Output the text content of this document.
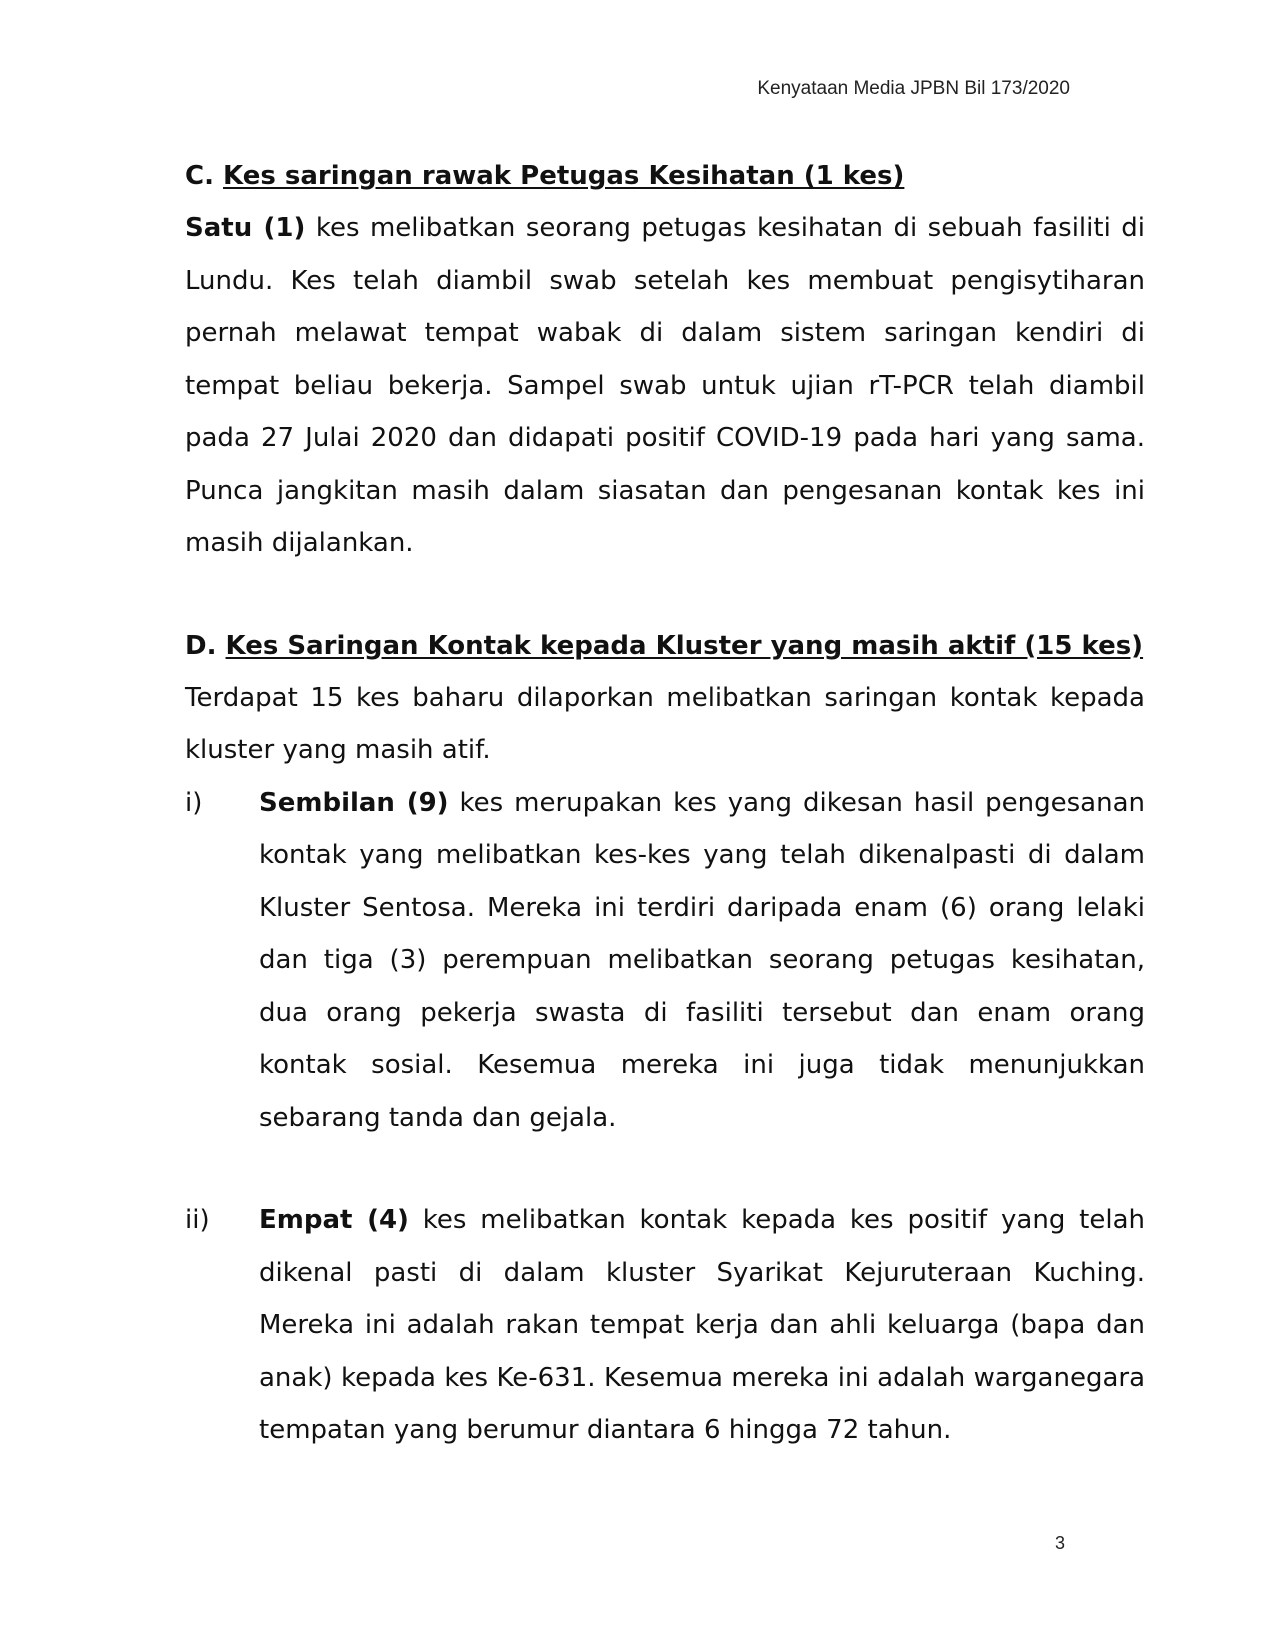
Kenyataan Media JPBN Bil 173/2020

C. Kes saringan rawak Petugas Kesihatan (1 kes)

Satu (1) kes melibatkan seorang petugas kesihatan di sebuah fasiliti di Lundu. Kes telah diambil swab setelah kes membuat pengisytiharan pernah melawat tempat wabak di dalam sistem saringan kendiri di tempat beliau bekerja. Sampel swab untuk ujian rT-PCR telah diambil pada 27 Julai 2020 dan didapati positif COVID-19 pada hari yang sama. Punca jangkitan masih dalam siasatan dan pengesanan kontak kes ini masih dijalankan.

D. Kes Saringan Kontak kepada Kluster yang masih aktif (15 kes)

Terdapat 15 kes baharu dilaporkan melibatkan saringan kontak kepada kluster yang masih atif.

i)	Sembilan (9) kes merupakan kes yang dikesan hasil pengesanan kontak yang melibatkan kes-kes yang telah dikenalpasti di dalam Kluster Sentosa. Mereka ini terdiri daripada enam (6) orang lelaki dan tiga (3) perempuan melibatkan seorang petugas kesihatan, dua orang pekerja swasta di fasiliti tersebut dan enam orang kontak sosial. Kesemua mereka ini juga tidak menunjukkan sebarang tanda dan gejala.

ii)	Empat (4) kes melibatkan kontak kepada kes positif yang telah dikenal pasti di dalam kluster Syarikat Kejuruteraan Kuching. Mereka ini adalah rakan tempat kerja dan ahli keluarga (bapa dan anak) kepada kes Ke-631. Kesemua mereka ini adalah warganegara tempatan yang berumur diantara 6 hingga 72 tahun.

3
